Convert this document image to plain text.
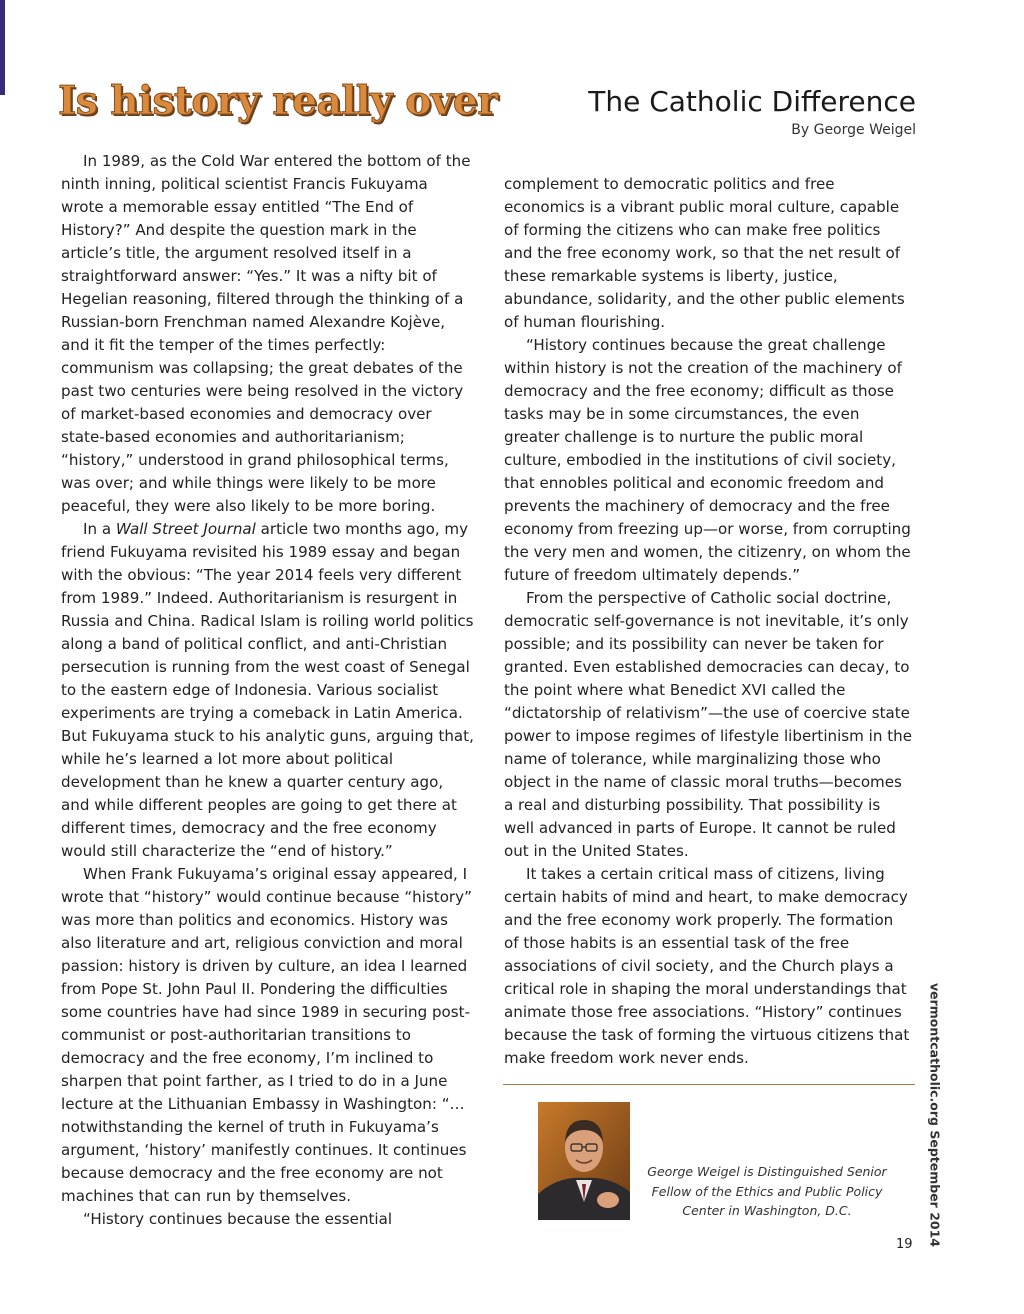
Is history really over	The Catholic Difference
By George Weigel

In 1989, as the Cold War entered the bottom of the ninth inning, political scientist Francis Fukuyama wrote a memorable essay entitled “The End of History?” And despite the question mark in the article’s title, the argument resolved itself in a straightforward answer: “Yes.” It was a nifty bit of Hegelian reasoning, filtered through the thinking of a Russian-born Frenchman named Alexandre Kojève, and it fit the temper of the times perfectly: communism was collapsing; the great debates of the past two centuries were being resolved in the victory of market-based economies and democracy over state-based economies and authoritarianism; “history,” understood in grand philosophical terms, was over; and while things were likely to be more peaceful, they were also likely to be more boring.

In a Wall Street Journal article two months ago, my friend Fukuyama revisited his 1989 essay and began with the obvious: “The year 2014 feels very different from 1989.” Indeed. Authoritarianism is resurgent in Russia and China. Radical Islam is roiling world politics along a band of political conflict, and anti-Christian persecution is running from the west coast of Senegal to the eastern edge of Indonesia. Various socialist experiments are trying a comeback in Latin America. But Fukuyama stuck to his analytic guns, arguing that, while he’s learned a lot more about political development than he knew a quarter century ago, and while different peoples are going to get there at different times, democracy and the free economy would still characterize the “end of history.”

When Frank Fukuyama’s original essay appeared, I wrote that “history” would continue because “history” was more than politics and economics. History was also literature and art, religious conviction and moral passion: history is driven by culture, an idea I learned from Pope St. John Paul II. Pondering the difficulties some countries have had since 1989 in securing post-communist or post-authoritarian transitions to democracy and the free economy, I’m inclined to sharpen that point farther, as I tried to do in a June lecture at the Lithuanian Embassy in Washington: “… notwithstanding the kernel of truth in Fukuyama’s argument, ‘history’ manifestly continues. It continues because democracy and the free economy are not machines that can run by themselves.

“History continues because the essential

complement to democratic politics and free economics is a vibrant public moral culture, capable of forming the citizens who can make free politics and the free economy work, so that the net result of these remarkable systems is liberty, justice, abundance, solidarity, and the other public elements of human flourishing.

“History continues because the great challenge within history is not the creation of the machinery of democracy and the free economy; difficult as those tasks may be in some circumstances, the even greater challenge is to nurture the public moral culture, embodied in the institutions of civil society, that ennobles political and economic freedom and prevents the machinery of democracy and the free economy from freezing up—or worse, from corrupting the very men and women, the citizenry, on whom the future of freedom ultimately depends.”

From the perspective of Catholic social doctrine, democratic self-governance is not inevitable, it’s only possible; and its possibility can never be taken for granted. Even established democracies can decay, to the point where what Benedict XVI called the “dictatorship of relativism”—the use of coercive state power to impose regimes of lifestyle libertinism in the name of tolerance, while marginalizing those who object in the name of classic moral truths—becomes a real and disturbing possibility. That possibility is well advanced in parts of Europe. It cannot be ruled out in the United States.

It takes a certain critical mass of citizens, living certain habits of mind and heart, to make democracy and the free economy work properly. The formation of those habits is an essential task of the free associations of civil society, and the Church plays a critical role in shaping the moral understandings that animate those free associations. “History” continues because the task of forming the virtuous citizens that make freedom work never ends.

George Weigel is Distinguished Senior Fellow of the Ethics and Public Policy Center in Washington, D.C.	vermontcatholic.org September 2014
19
